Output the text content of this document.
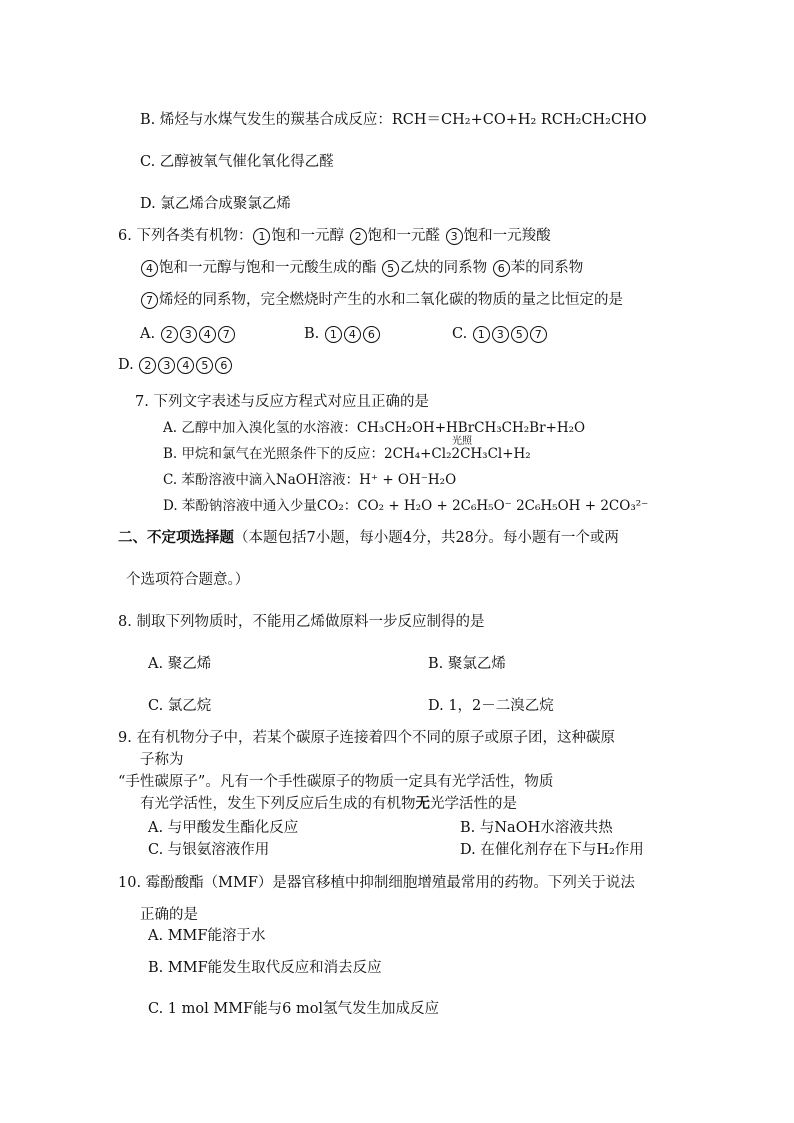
B. 烯烃与水煤气发生的羰基合成反应：RCH＝CH₂+CO+H₂ RCH₂CH₂CHO
C. 乙醇被氧气催化氧化得乙醛
D. 氯乙烯合成聚氯乙烯
6. 下列各类有机物： 1 饱和一元醇 2 饱和一元醛 3 饱和一元羧酸
4 饱和一元醇与饱和一元酸生成的酯 5 乙炔的同系物 6 苯的同系物
7 烯烃的同系物，完全燃烧时产生的水和二氧化碳的物质的量之比恒定的是
A. 2 3 4 7	B. 1 4 6	C. 1 3 5 7
D. 2 3 4 5 6
7. 下列文字表述与反应方程式对应且正确的是
A. 乙醇中加入溴化氢的水溶液：CH₃CH₂OH+HBrCH₃CH₂Br+H₂O
光照
B. 甲烷和氯气在光照条件下的反应：2CH₄+Cl₂2CH₃Cl+H₂
C. 苯酚溶液中滴入NaOH溶液：H⁺ + OH⁻H₂O
D. 苯酚钠溶液中通入少量CO₂：CO₂ + H₂O + 2C₆H₅O⁻ 2C₆H₅OH + 2CO₃²⁻
二、不定项选择题（本题包括7小题，每小题4分，共28分。每小题有一个或两
个选项符合题意。）
8. 制取下列物质时，不能用乙烯做原料一步反应制得的是
A. 聚乙烯	B. 聚氯乙烯
C. 氯乙烷	D. 1，2－二溴乙烷
9. 在有机物分子中，若某个碳原子连接着四个不同的原子或原子团，这种碳原
子称为
“手性碳原子”。凡有一个手性碳原子的物质一定具有光学活性，物质
有光学活性，发生下列反应后生成的有机物无光学活性的是
A. 与甲酸发生酯化反应	B. 与NaOH水溶液共热
C. 与银氨溶液作用	D. 在催化剂存在下与H₂作用
10. 霉酚酸酯（MMF）是器官移植中抑制细胞增殖最常用的药物。下列关于说法
正确的是
A. MMF能溶于水
B. MMF能发生取代反应和消去反应
C. 1 mol MMF能与6 mol氢气发生加成反应
